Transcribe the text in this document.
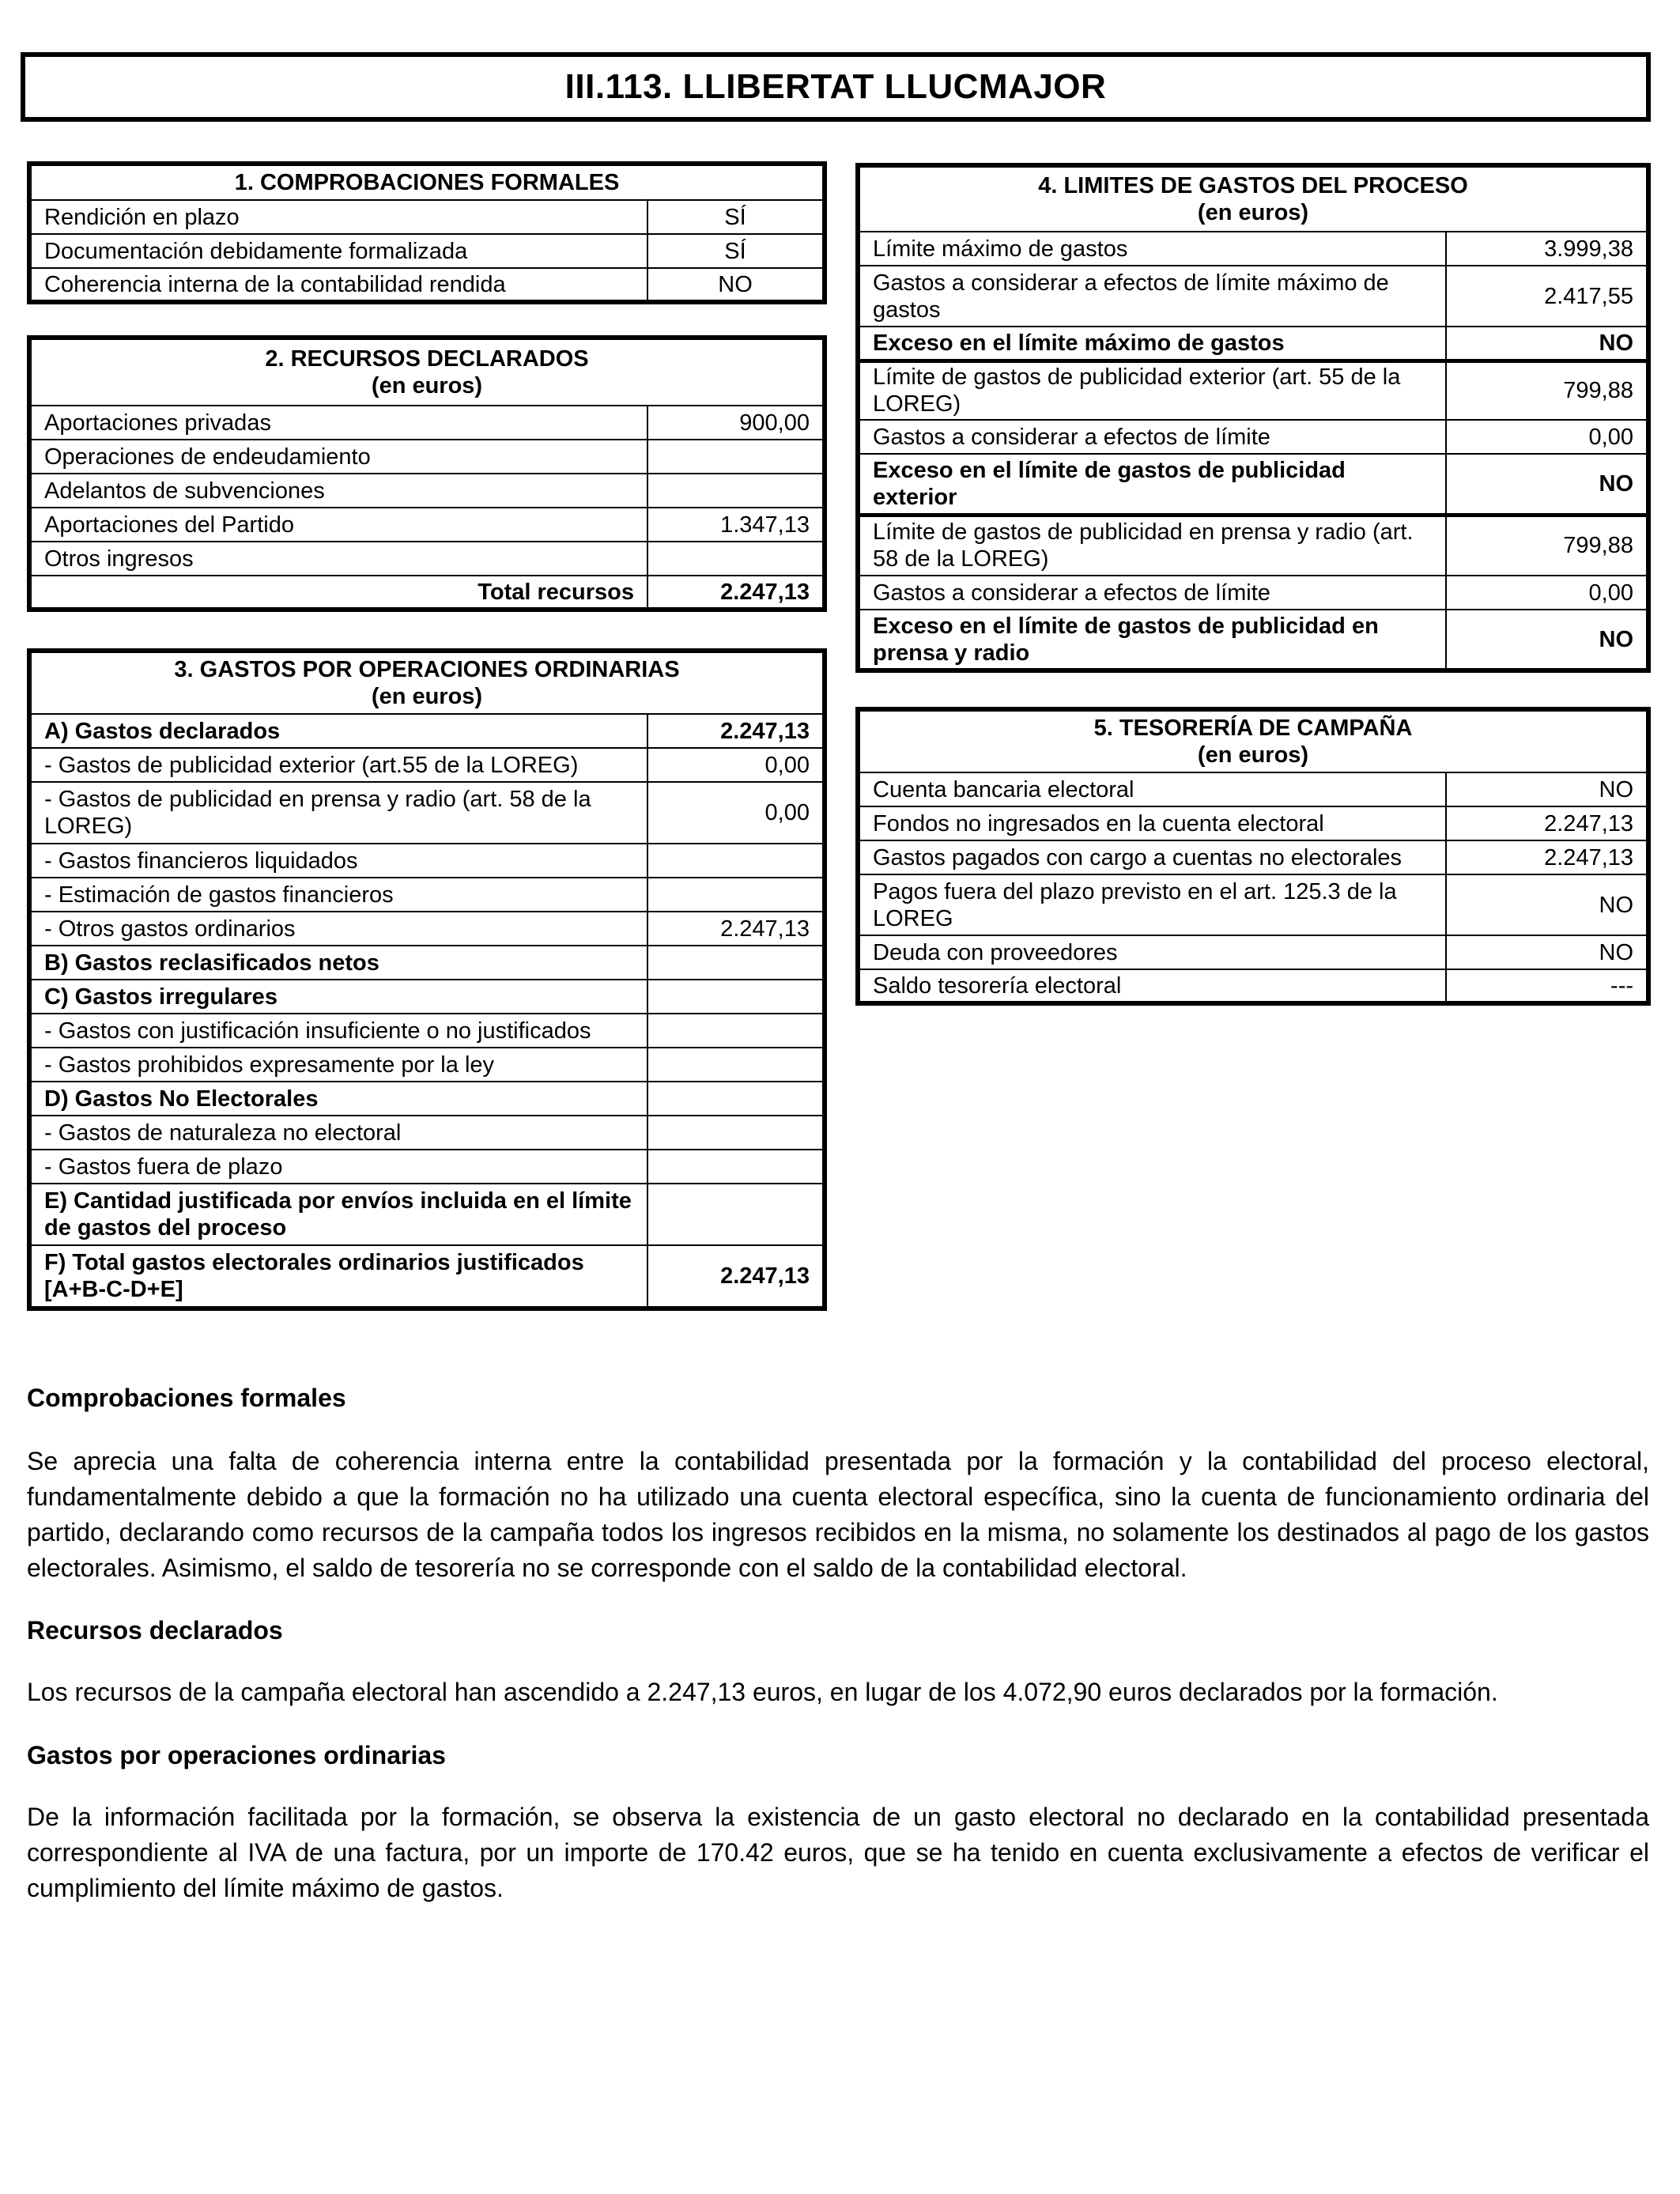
III.113. LLIBERTAT LLUCMAJOR
1. COMPROBACIONES FORMALES	
Rendición en plazo	SÍ
Documentación debidamente formalizada	SÍ
Coherencia interna de la contabilidad rendida	NO
2. RECURSOS DECLARADOS
(en euros)	
Aportaciones privadas	900,00
Operaciones de endeudamiento	
Adelantos de subvenciones	
Aportaciones del Partido	1.347,13
Otros ingresos	
Total recursos	2.247,13
3. GASTOS POR OPERACIONES ORDINARIAS
(en euros)	
A) Gastos declarados	2.247,13
- Gastos de publicidad exterior (art.55 de la LOREG)	0,00
- Gastos de publicidad en prensa y radio (art. 58 de la LOREG)	0,00
- Gastos financieros liquidados	
- Estimación de gastos financieros	
- Otros gastos ordinarios	2.247,13
B) Gastos reclasificados netos	
C) Gastos irregulares	
- Gastos con justificación insuficiente o no justificados	
- Gastos prohibidos expresamente por la ley	
D) Gastos No Electorales	
- Gastos de naturaleza no electoral	
- Gastos fuera de plazo	
E) Cantidad justificada por envíos incluida en el límite de gastos del proceso	
F) Total gastos electorales ordinarios justificados [A+B-C-D+E]	2.247,13
4. LIMITES DE GASTOS DEL PROCESO
(en euros)	
Límite máximo de gastos	3.999,38
Gastos a considerar a efectos de límite máximo de gastos	2.417,55
Exceso en el límite máximo de gastos	NO
Límite de gastos de publicidad exterior (art. 55 de la LOREG)	799,88
Gastos a considerar a efectos de límite	0,00
Exceso en el límite de gastos de publicidad exterior	NO
Límite de gastos de publicidad en prensa y radio (art. 58 de la LOREG)	799,88
Gastos a considerar a efectos de límite	0,00
Exceso en el límite de gastos de publicidad en prensa y radio	NO
5. TESORERÍA DE CAMPAÑA
(en euros)	
Cuenta bancaria electoral	NO
Fondos no ingresados en la cuenta electoral	2.247,13
Gastos pagados con cargo a cuentas no electorales	2.247,13
Pagos fuera del plazo previsto en el art. 125.3 de la LOREG	NO
Deuda con proveedores	NO
Saldo tesorería electoral	---
Comprobaciones formales
Se aprecia una falta de coherencia interna entre la contabilidad presentada por la formación y la contabilidad del proceso electoral, fundamentalmente debido a que la formación no ha utilizado una cuenta electoral específica, sino la cuenta de funcionamiento ordinaria del partido, declarando como recursos de la campaña todos los ingresos recibidos en la misma, no solamente los destinados al pago de los gastos electorales. Asimismo, el saldo de tesorería no se corresponde con el saldo de la contabilidad electoral.
Recursos declarados
Los recursos de la campaña electoral han ascendido a 2.247,13 euros, en lugar de los 4.072,90 euros declarados por la formación.
Gastos por operaciones ordinarias
De la información facilitada por la formación, se observa la existencia de un gasto electoral no declarado en la contabilidad presentada correspondiente al IVA de una factura, por un importe de 170.42 euros, que se ha tenido en cuenta exclusivamente a efectos de verificar el cumplimiento del límite máximo de gastos.
